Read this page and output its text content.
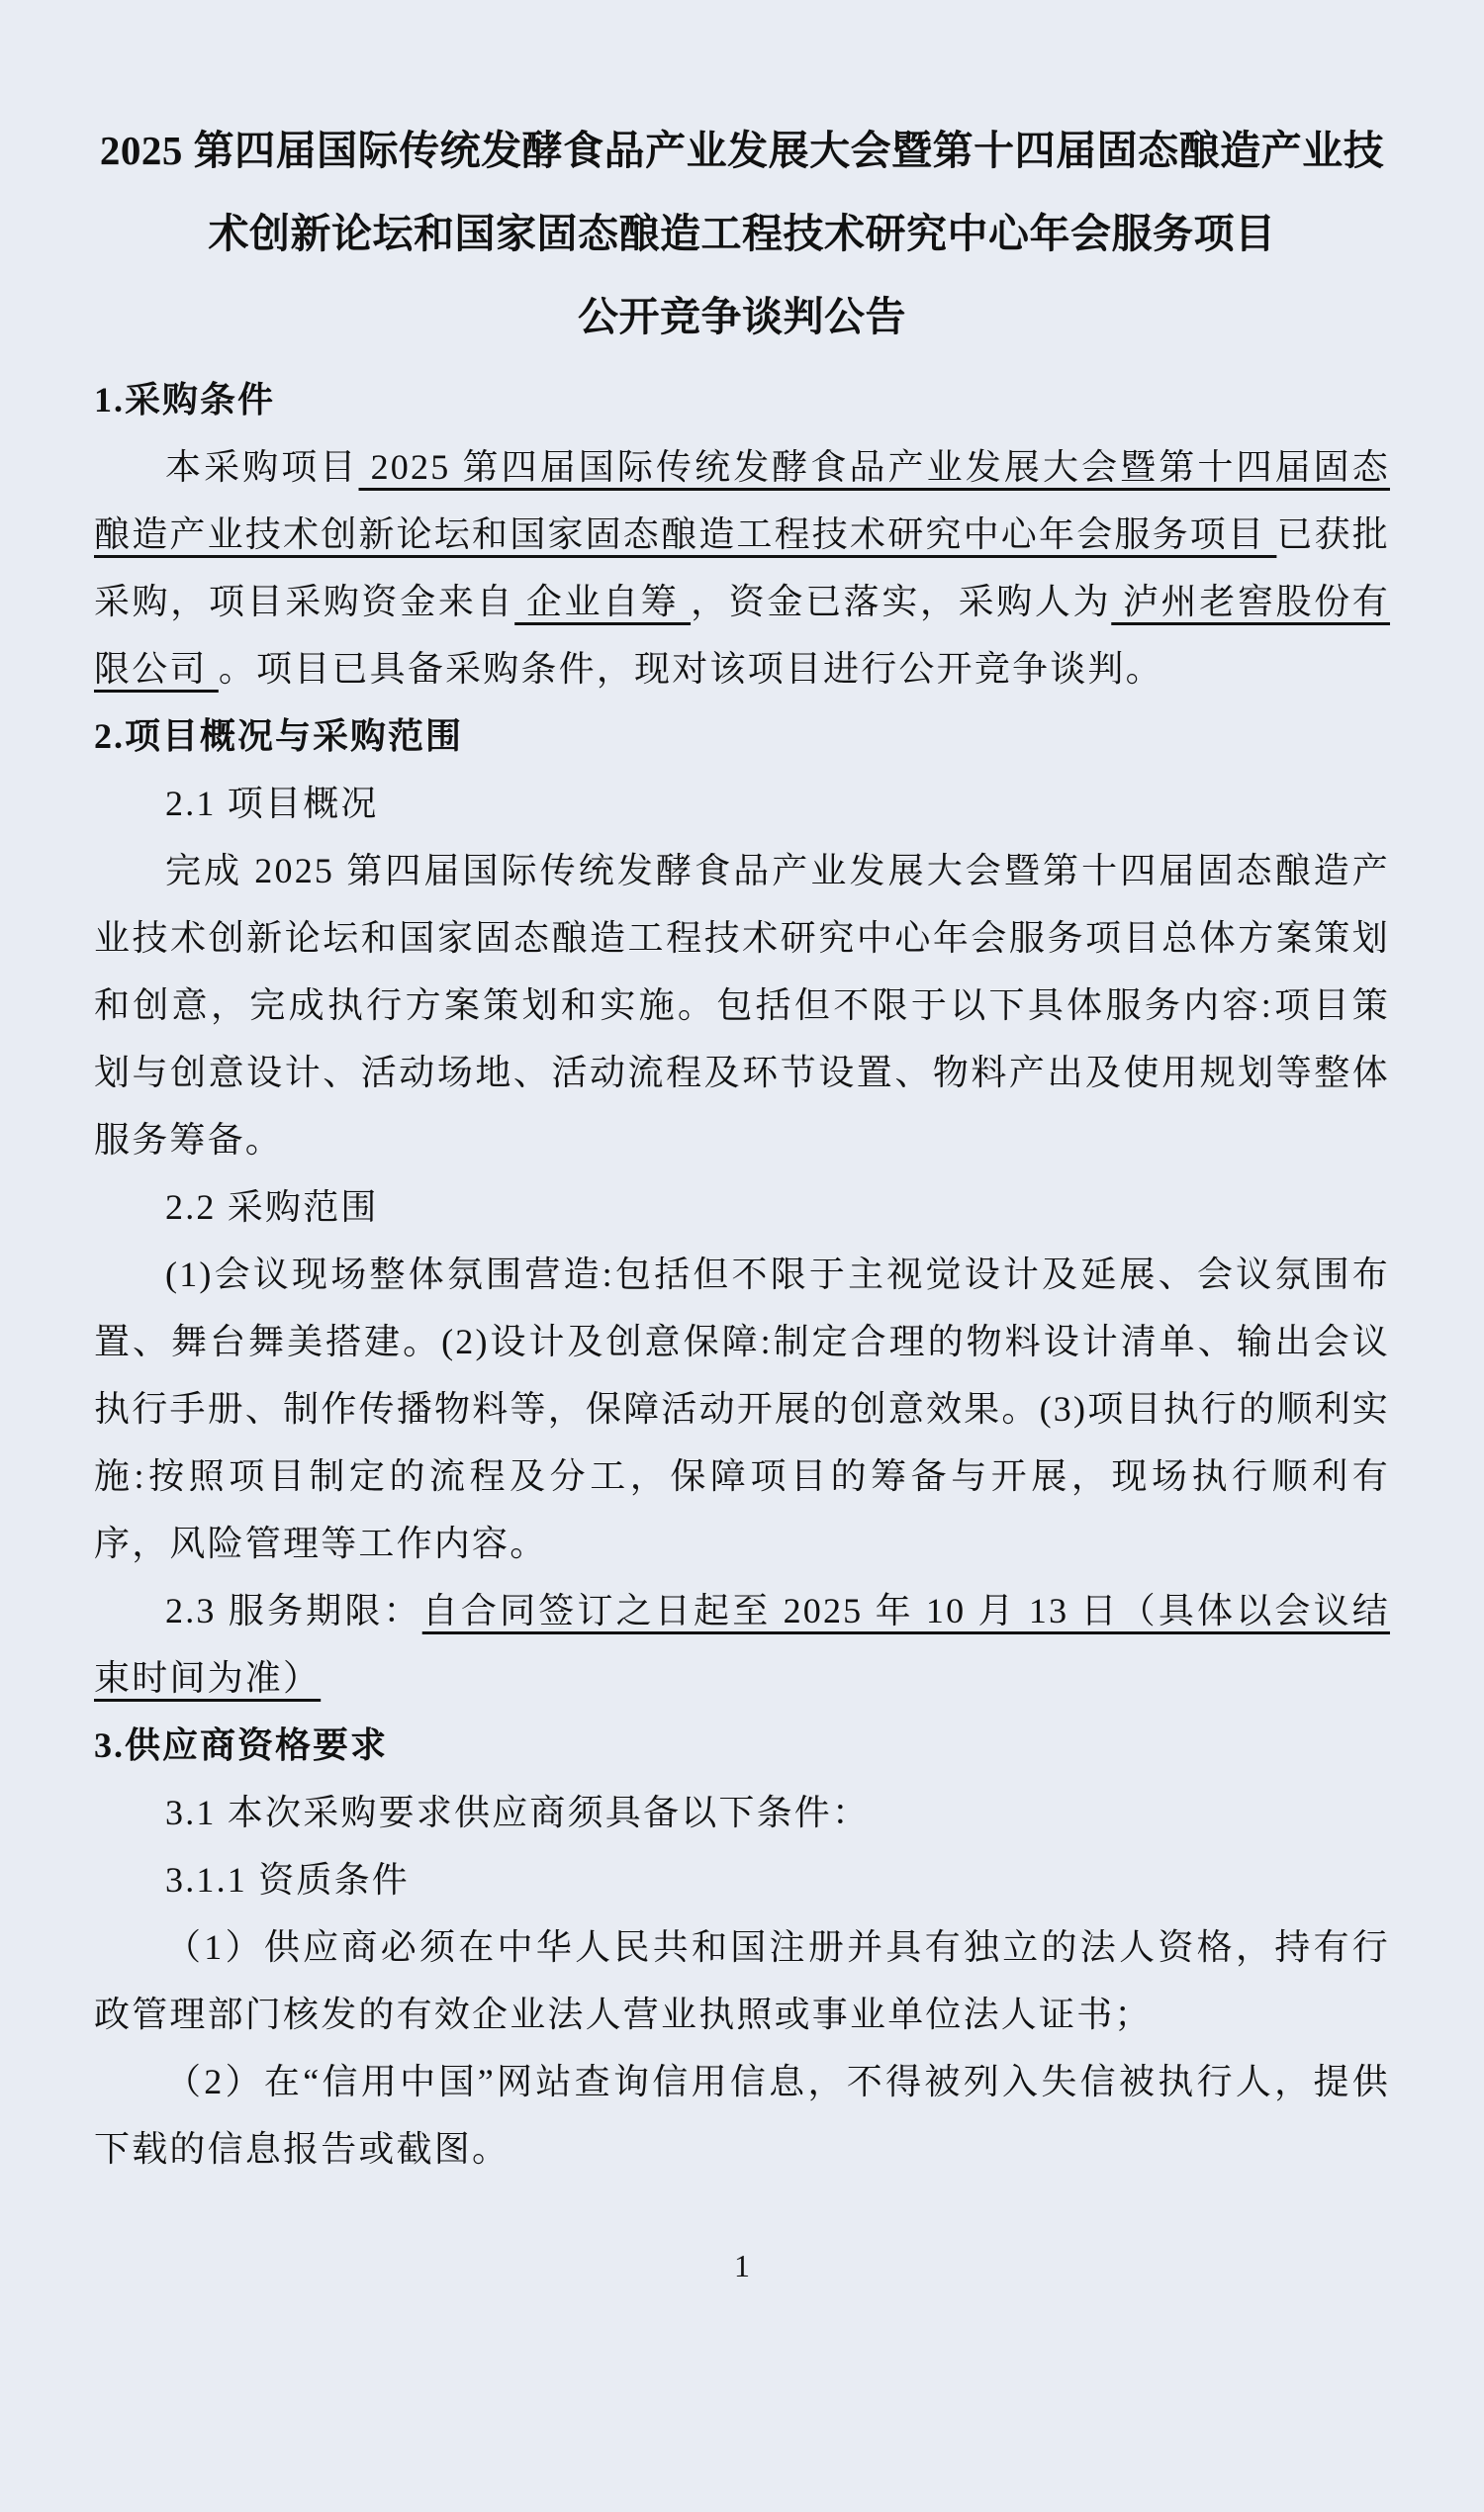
2025 第四届国际传统发酵食品产业发展大会暨第十四届固态酿造产业技术创新论坛和国家固态酿造工程技术研究中心年会服务项目
公开竞争谈判公告
1.采购条件

本采购项目 2025 第四届国际传统发酵食品产业发展大会暨第十四届固态酿造产业技术创新论坛和国家固态酿造工程技术研究中心年会服务项目 已获批采购，项目采购资金来自 企业自筹 ，资金已落实，采购人为 泸州老窖股份有限公司 。项目已具备采购条件，现对该项目进行公开竞争谈判。

2.项目概况与采购范围

2.1 项目概况

完成 2025 第四届国际传统发酵食品产业发展大会暨第十四届固态酿造产业技术创新论坛和国家固态酿造工程技术研究中心年会服务项目总体方案策划和创意，完成执行方案策划和实施。包括但不限于以下具体服务内容:项目策划与创意设计、活动场地、活动流程及环节设置、物料产出及使用规划等整体服务筹备。

2.2 采购范围

(1)会议现场整体氛围营造:包括但不限于主视觉设计及延展、会议氛围布置、舞台舞美搭建。(2)设计及创意保障:制定合理的物料设计清单、输出会议执行手册、制作传播物料等，保障活动开展的创意效果。(3)项目执行的顺利实施:按照项目制定的流程及分工，保障项目的筹备与开展，现场执行顺利有序，风险管理等工作内容。

2.3 服务期限：自合同签订之日起至 2025 年 10 月 13 日（具体以会议结束时间为准）

3.供应商资格要求

3.1 本次采购要求供应商须具备以下条件：

3.1.1 资质条件

（1）供应商必须在中华人民共和国注册并具有独立的法人资格，持有行政管理部门核发的有效企业法人营业执照或事业单位法人证书；

（2）在“信用中国”网站查询信用信息，不得被列入失信被执行人，提供下载的信息报告或截图。

1
